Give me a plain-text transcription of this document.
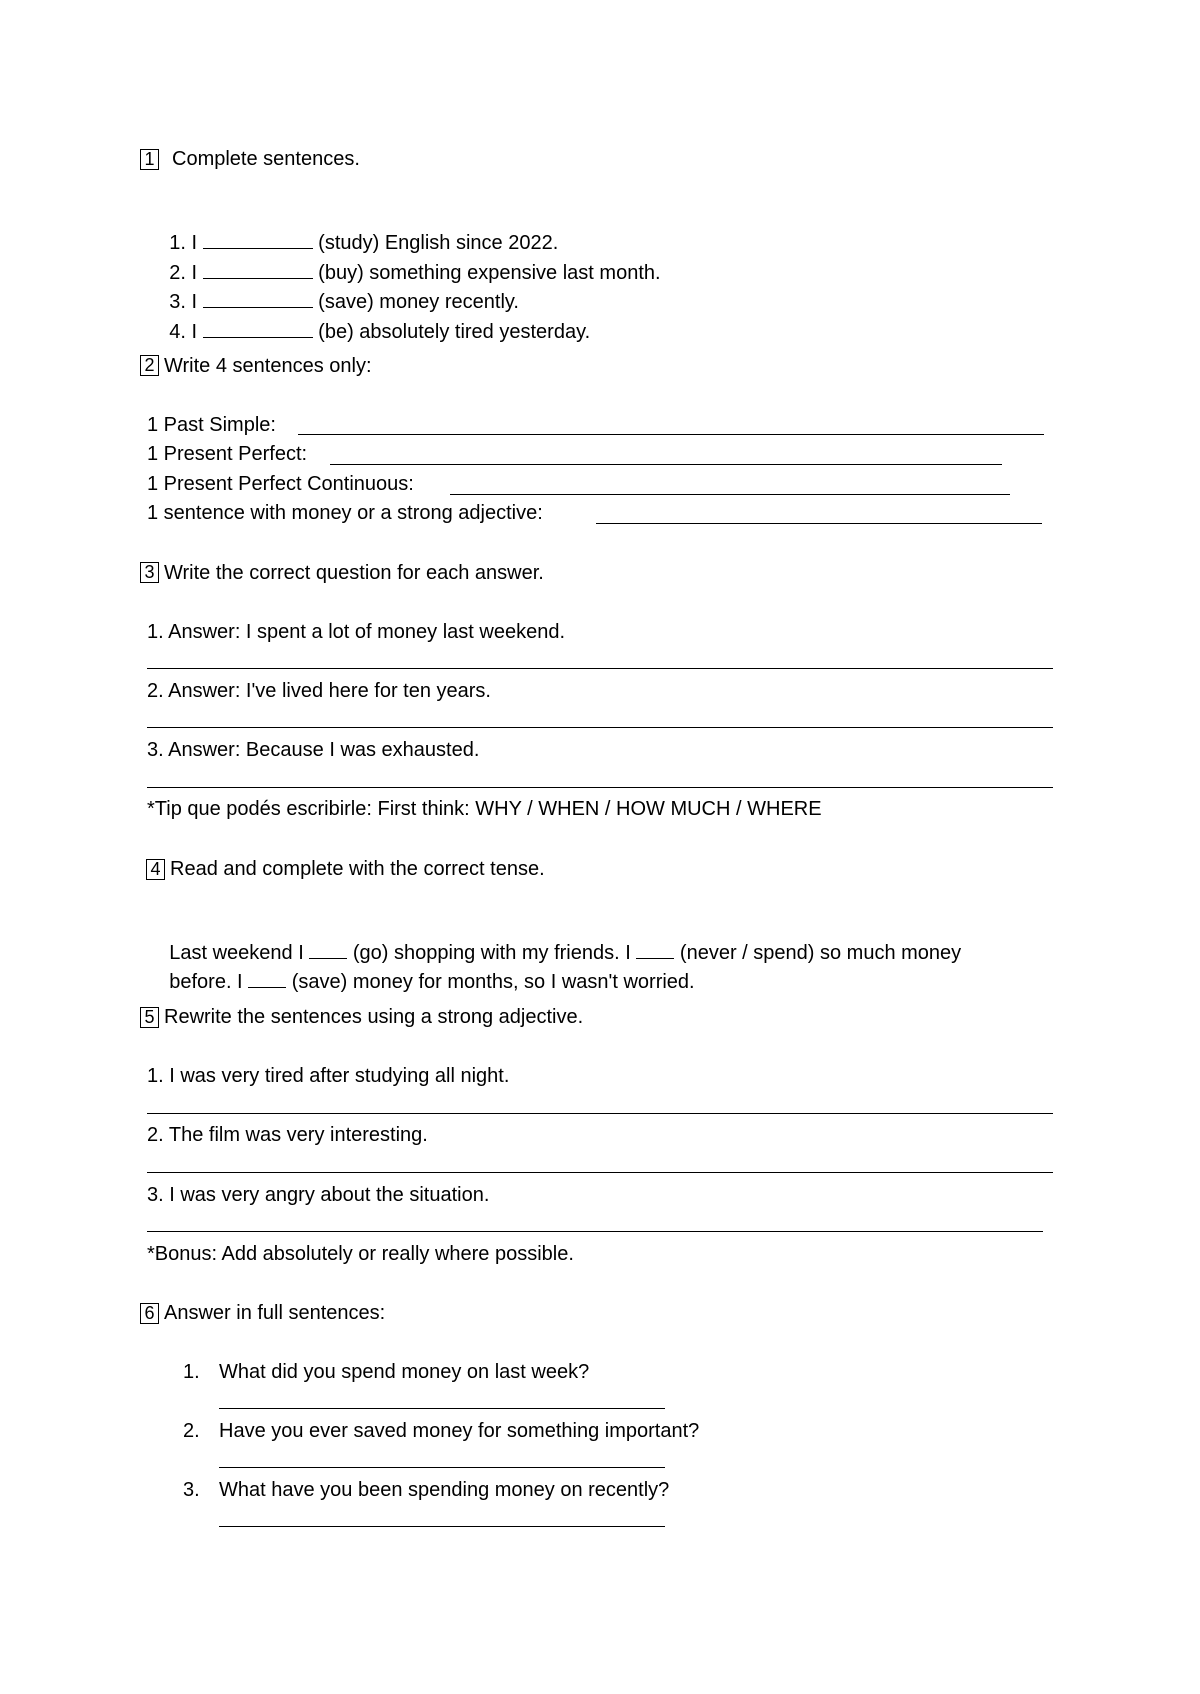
1 Complete sentences.

1. I	(study) English since 2022.

2. I	(buy) something expensive last month.

3. I	(save) money recently.

4. I	(be) absolutely tired yesterday.

2 Write 4 sentences only:
1 Past Simple:
1 Present Perfect:
1 Present Perfect Continuous:
1 sentence with money or a strong adjective:
3 Write the correct question for each answer.
1. Answer: I spent a lot of money last weekend.
2. Answer: I've lived here for ten years.
3. Answer: Because I was exhausted.
*Tip que podés escribirle: First think: WHY / WHEN / HOW MUCH / WHERE
4 Read and complete with the correct tense.

Last weekend I (go) shopping with my friends. I (never / spend) so much money

before. I (save) money for months, so I wasn't worried.

5 Rewrite the sentences using a strong adjective.
1. I was very tired after studying all night.
2. The film was very interesting.
3. I was very angry about the situation.
*Bonus: Add absolutely or really where possible.
6 Answer in full sentences:
1. What did you spend money on last week?
2. Have you ever saved money for something important?
3. What have you been spending money on recently?
